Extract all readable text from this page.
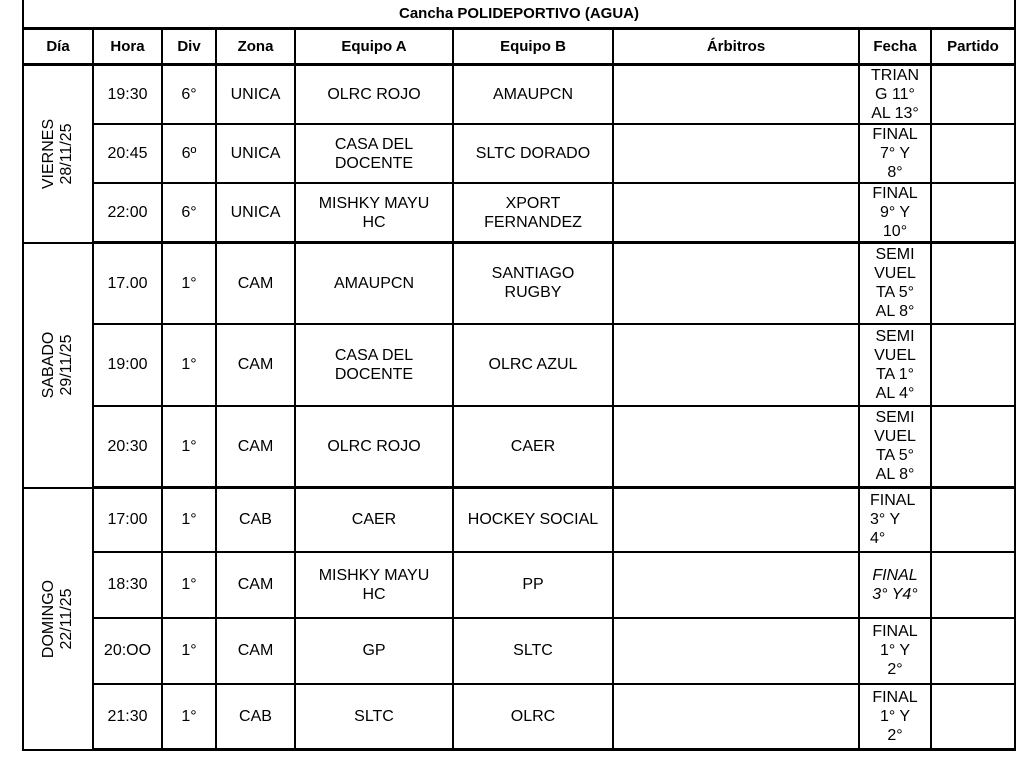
Cancha POLIDEPORTIVO (AGUA)								
Día	Hora	Div	Zona	Equipo A	Equipo B	Árbitros	Fecha	Partido

VIERNES 28/11/25	19:30	6°	UNICA	OLRC ROJO	AMAUPCN		TRIAN
G 11°
AL 13°	
	20:45	6º	UNICA	CASA DEL
DOCENTE	SLTC DORADO		FINAL
7° Y
8°	
	22:00	6°	UNICA	MISHKY MAYU
HC	XPORT
FERNANDEZ		FINAL
9° Y
10°	

SABADO 29/11/25	17.00	1°	CAM	AMAUPCN	SANTIAGO
RUGBY		SEMI
VUEL
TA 5°
AL 8°	
	19:00	1°	CAM	CASA DEL
DOCENTE	OLRC AZUL		SEMI
VUEL
TA 1°
AL 4°	
	20:30	1°	CAM	OLRC ROJO	CAER		SEMI
VUEL
TA 5°
AL 8°	

DOMINGO 22/11/25	17:00	1°	CAB	CAER	HOCKEY SOCIAL		FINAL
3° Y
4°	
	18:30	1°	CAM	MISHKY MAYU
HC	PP		FINAL
3° Y4°	
	20:OO	1°	CAM	GP	SLTC		FINAL
1° Y
2°	
	21:30	1°	CAB	SLTC	OLRC		FINAL
1° Y
2°	
